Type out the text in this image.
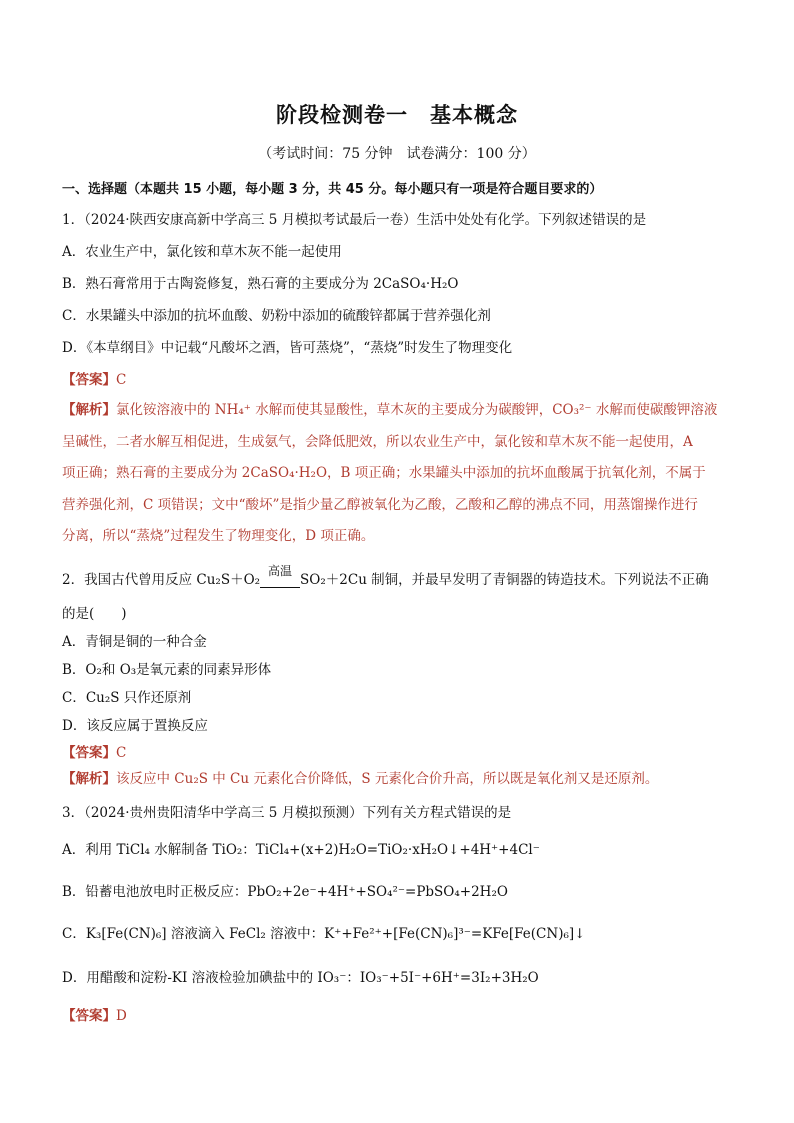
阶段检测卷一　基本概念
（考试时间：75 分钟　试卷满分：100 分）
一、选择题（本题共 15 小题，每小题 3 分，共 45 分。每小题只有一项是符合题目要求的）
1．（2024·陕西安康高新中学高三 5 月模拟考试最后一卷）生活中处处有化学。下列叙述错误的是
A．农业生产中，氯化铵和草木灰不能一起使用
B．熟石膏常用于古陶瓷修复，熟石膏的主要成分为 2CaSO₄·H₂O
C．水果罐头中添加的抗坏血酸、奶粉中添加的硫酸锌都属于营养强化剂
D．《本草纲目》中记载“凡酸坏之酒，皆可蒸烧”，“蒸烧”时发生了物理变化
【答案】C
【解析】氯化铵溶液中的 NH₄⁺ 水解而使其显酸性，草木灰的主要成分为碳酸钾，CO₃²⁻ 水解而使碳酸钾溶液
呈碱性，二者水解互相促进，生成氨气，会降低肥效，所以农业生产中，氯化铵和草木灰不能一起使用，A
项正确；熟石膏的主要成分为 2CaSO₄·H₂O，B 项正确；水果罐头中添加的抗坏血酸属于抗氧化剂，不属于
营养强化剂，C 项错误；文中“酸坏”是指少量乙醇被氧化为乙酸，乙酸和乙醇的沸点不同，用蒸馏操作进行
分离，所以“蒸烧”过程发生了物理变化，D 项正确。
2．我国古代曾用反应 Cu₂S＋O₂
高温
SO₂＋2Cu 制铜，并最早发明了青铜器的铸造技术。下列说法不正确
的是(　　)
A．青铜是铜的一种合金
B．O₂和 O₃是氧元素的同素异形体
C．Cu₂S 只作还原剂
D．该反应属于置换反应
【答案】C
【解析】该反应中 Cu₂S 中 Cu 元素化合价降低，S 元素化合价升高，所以既是氧化剂又是还原剂。
3．（2024·贵州贵阳清华中学高三 5 月模拟预测）下列有关方程式错误的是
A．利用 TiCl₄ 水解制备 TiO₂：TiCl₄+(x+2)H₂O=TiO₂·xH₂O↓+4H⁺+4Cl⁻
B．铅蓄电池放电时正极反应：PbO₂+2e⁻+4H⁺+SO₄²⁻=PbSO₄+2H₂O
C．K₃[Fe(CN)₆] 溶液滴入 FeCl₂ 溶液中：K⁺+Fe²⁺+[Fe(CN)₆]³⁻=KFe[Fe(CN)₆]↓
D．用醋酸和淀粉-KI 溶液检验加碘盐中的 IO₃⁻：IO₃⁻+5I⁻+6H⁺=3I₂+3H₂O
【答案】D
